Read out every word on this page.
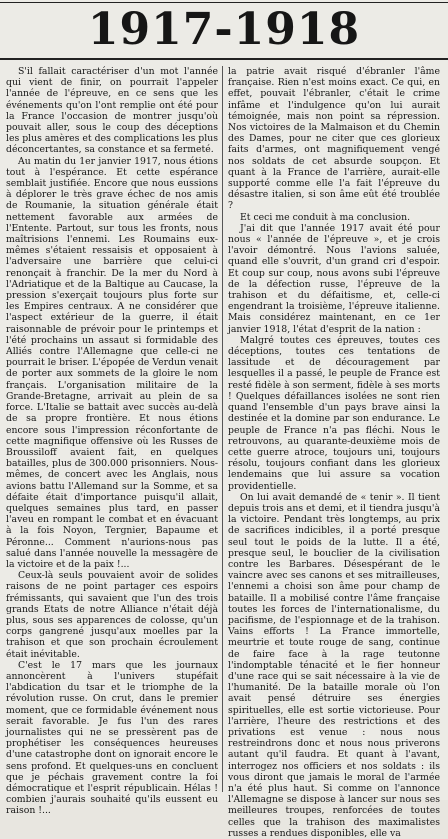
1917-1918

S'il fallait caractériser d'un mot l'année qui vient de finir, on pourrait l'appeler l'année de l'épreuve, en ce sens que les événements qu'on l'ont remplie ont été pour la France l'occasion de montrer jusqu'où pouvait aller, sous le coup des déceptions les plus amères et des complications les plus déconcertantes, sa constance et sa fermeté.

Au matin du 1er janvier 1917, nous étions tout à l'espérance. Et cette espérance semblait justifiée. Encore que nous eussions à déplorer le très grave échec de nos amis de Roumanie, la situation générale était nettement favorable aux armées de l'Entente. Partout, sur tous les fronts, nous maîtrisions l'ennemi. Les Roumains eux-mêmes s'étaient ressaisis et opposaient à l'adversaire une barrière que celui-ci renonçait à franchir. De la mer du Nord à l'Adriatique et de la Baltique au Caucase, la pression s'exerçait toujours plus forte sur les Empires centraux. A ne considérer que l'aspect extérieur de la guerre, il était raisonnable de prévoir pour le printemps et l'été prochains un assaut si formidable des Alliés contre l'Allemagne que celle-ci ne pourrait le briser. L'épopée de Verdun venait de porter aux sommets de la gloire le nom français. L'organisation militaire de la Grande-Bretagne, arrivait au plein de sa force. L'Italie se battait avec succès au-delà de sa propre frontière. Et nous étions encore sous l'impression réconfortante de cette magnifique offensive où les Russes de Broussiloff avaient fait, en quelques batailles, plus de 300.000 prisonniers. Nous-mêmes, de concert avec les Anglais, nous avions battu l'Allemand sur la Somme, et sa défaite était d'importance puisqu'il allait, quelques semaines plus tard, en passer l'aveu en rompant le combat et en évacuant à la fois Noyon, Tergnier, Bapaume et Péronne... Comment n'aurions-nous pas salué dans l'année nouvelle la messagère de la victoire et de la paix !...

Ceux-là seuls pouvaient avoir de solides raisons de ne point partager ces espoirs frémissants, qui savaient que l'un des trois grands Etats de notre Alliance n'était déjà plus, sous ses apparences de colosse, qu'un corps gangrené jusqu'aux moelles par la trahison et que son prochain écroulement était inévitable.

C'est le 17 mars que les journaux annoncèrent à l'univers stupéfait l'abdication du tsar et le triomphe de la révolution russe. On crut, dans le premier moment, que ce formidable événement nous serait favorable. Je fus l'un des rares journalistes qui ne se pressèrent pas de prophétiser les conséquences heureuses d'une catastrophe dont on ignorait encore le sens profond. Et quelques-uns en concluent que je péchais gravement contre la foi démocratique et l'esprit républicain. Hélas ! combien j'aurais souhaité qu'ils eussent eu raison !...

la patrie avait risqué d'ébranler l'âme française. Rien n'est moins exact. Ce qui, en effet, pouvait l'ébranler, c'était le crime infâme et l'indulgence qu'on lui aurait témoignée, mais non point sa répression. Nos victoires de la Malmaison et du Chemin des Dames, pour ne citer que ces glorieux faits d'armes, ont magnifiquement vengé nos soldats de cet absurde soupçon. Et quant à la France de l'arrière, aurait-elle supporté comme elle l'a fait l'épreuve du désastre italien, si son âme eût été troublée ?

Et ceci me conduit à ma conclusion.

J'ai dit que l'année 1917 avait été pour nous « l'année de l'épreuve », et je crois l'avoir démontré. Nous l'avions saluée, quand elle s'ouvrit, d'un grand cri d'espoir. Et coup sur coup, nous avons subi l'épreuve de la défection russe, l'épreuve de la trahison et du défaitisme, et, celle-ci engendrant la troisième, l'épreuve italienne. Mais considérez maintenant, en ce 1er janvier 1918, l'état d'esprit de la nation :

Malgré toutes ces épreuves, toutes ces déceptions, toutes ces tentations de lassitude et de découragement par lesquelles il a passé, le peuple de France est resté fidèle à son serment, fidèle à ses morts ! Quelques défaillances isolées ne sont rien quand l'ensemble d'un pays brave ainsi la destinée et la domine par son endurance. Le peuple de France n'a pas fléchi. Nous le retrouvons, au quarante-deuxième mois de cette guerre atroce, toujours uni, toujours résolu, toujours confiant dans les glorieux lendemains que lui assure sa vocation providentielle.

On lui avait demandé de « tenir ». Il tient depuis trois ans et demi, et il tiendra jusqu'à la victoire. Pendant très longtemps, au prix de sacrifices indicibles, il a porté presque seul tout le poids de la lutte. Il a été, presque seul, le bouclier de la civilisation contre les Barbares. Désespérant de le vaincre avec ses canons et ses mitrailleuses, l'ennemi a choisi son âme pour champ de bataille. Il a mobilisé contre l'âme française toutes les forces de l'internationalisme, du pacifisme, de l'espionnage et de la trahison. Vains efforts ! La France immortelle, meurtrie et toute rouge de sang, continue de faire face à la rage teutonne l'indomptable ténacité et le fier honneur d'une race qui se sait nécessaire à la vie de l'humanité. De la bataille morale où l'on avait pensé détruire ses énergies spirituelles, elle est sortie victorieuse. Pour l'arrière, l'heure des restrictions et des privations est venue : nous nous restreindrons donc et nous nous priverons autant qu'il faudra. Et quant à l'avant, interrogez nos officiers et nos soldats : ils vous diront que jamais le moral de l'armée n'a été plus haut. Si comme on l'annonce l'Allemagne se dispose à lancer sur nous ses meilleures troupes, renforcées de toutes celles que la trahison des maximalistes russes a rendues disponibles, elle va
